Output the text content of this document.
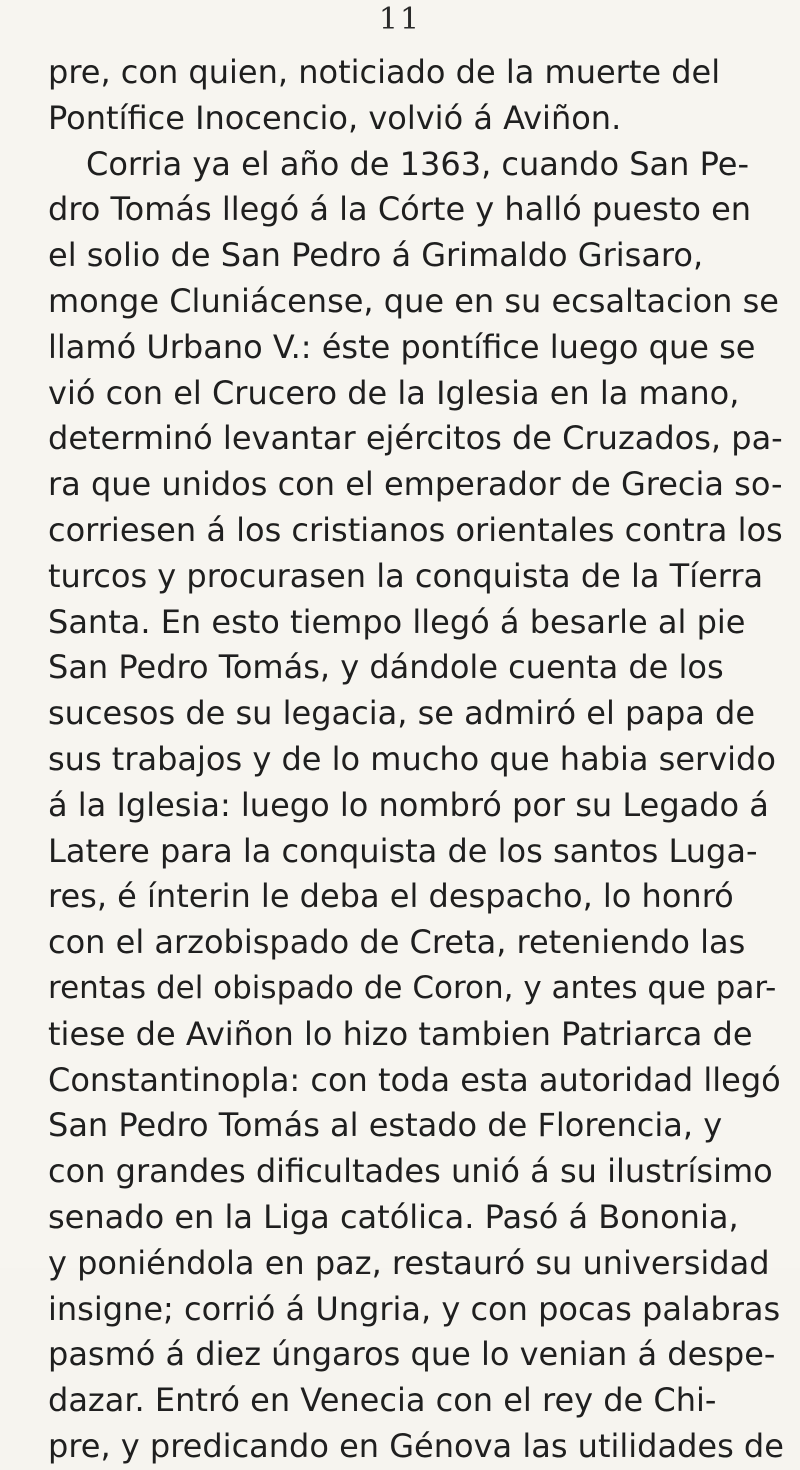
11
pre, con quien, noticiado de la muerte del
Pontífice Inocencio, volvió á Aviñon.
Corria ya el año de 1363, cuando San Pe-
dro Tomás llegó á la Córte y halló puesto en
el solio de San Pedro á Grimaldo Grisaro,
monge Cluniácense, que en su ecsaltacion se
llamó Urbano V.: éste pontífice luego que se
vió con el Crucero de la Iglesia en la mano,
determinó levantar ejércitos de Cruzados, pa-
ra que unidos con el emperador de Grecia so-
corriesen á los cristianos orientales contra los
turcos y procurasen la conquista de la Tíerra
Santa. En esto tiempo llegó á besarle al pie
San Pedro Tomás, y dándole cuenta de los
sucesos de su legacia, se admiró el papa de
sus trabajos y de lo mucho que habia servido
á la Iglesia: luego lo nombró por su Legado á
Latere para la conquista de los santos Luga-
res, é ínterin le deba el despacho, lo honró
con el arzobispado de Creta, reteniendo las
rentas del obispado de Coron, y antes que par-
tiese de Aviñon lo hizo tambien Patriarca de
Constantinopla: con toda esta autoridad llegó
San Pedro Tomás al estado de Florencia, y
con grandes dificultades unió á su ilustrísimo
senado en la Liga católica. Pasó á Bononia,
y poniéndola en paz, restauró su universidad
insigne; corrió á Ungria, y con pocas palabras
pasmó á diez úngaros que lo venian á despe-
dazar. Entró en Venecia con el rey de Chi-
pre, y predicando en Génova las utilidades de
